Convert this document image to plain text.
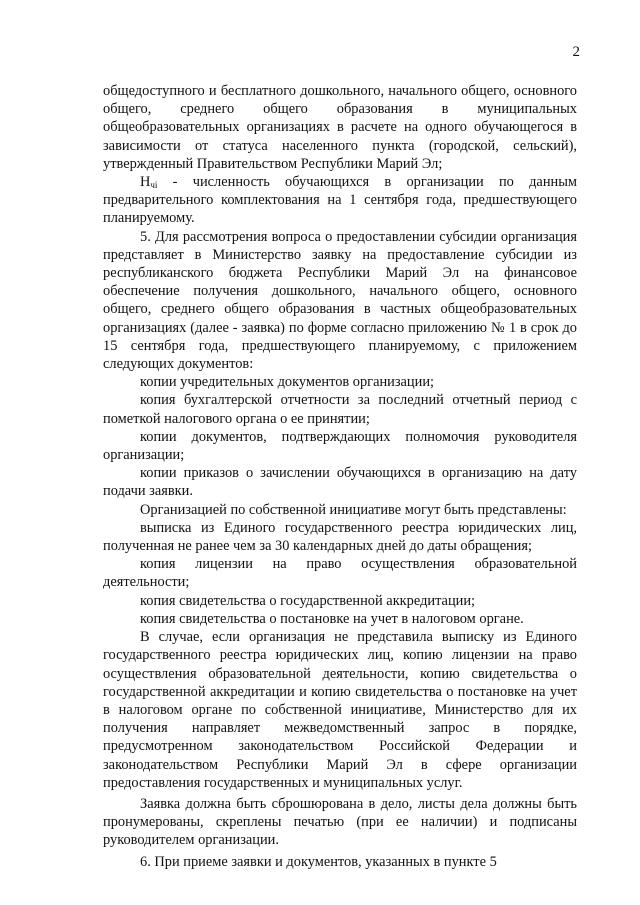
2

общедоступного и бесплатного дошкольного, начального общего, основного общего, среднего общего образования в муниципальных общеобразовательных организациях в расчете на одного обучающегося в зависимости от статуса населенного пункта (городской, сельский), утвержденный Правительством Республики Марий Эл;

$Н_{чi}$ - численность обучающихся в организации по данным предварительного комплектования на 1 сентября года, предшествующего планируемому.

5. Для рассмотрения вопроса о предоставлении субсидии организация представляет в Министерство заявку на предоставление субсидии из республиканского бюджета Республики Марий Эл на финансовое обеспечение получения дошкольного, начального общего, основного общего, среднего общего образования в частных общеобразовательных организациях (далее - заявка) по форме согласно приложению № 1 в срок до 15 сентября года, предшествующего планируемому, с приложением следующих документов:

копии учредительных документов организации;

копия бухгалтерской отчетности за последний отчетный период с пометкой налогового органа о ее принятии;

копии документов, подтверждающих полномочия руководителя организации;

копии приказов о зачислении обучающихся в организацию на дату подачи заявки.

Организацией по собственной инициативе могут быть представлены:

выписка из Единого государственного реестра юридических лиц, полученная не ранее чем за 30 календарных дней до даты обращения;

копия лицензии на право осуществления образовательной деятельности;

копия свидетельства о государственной аккредитации;

копия свидетельства о постановке на учет в налоговом органе.

В случае, если организация не представила выписку из Единого государственного реестра юридических лиц, копию лицензии на право осуществления образовательной деятельности, копию свидетельства о государственной аккредитации и копию свидетельства о постановке на учет в налоговом органе по собственной инициативе, Министерство для их получения направляет межведомственный запрос в порядке, предусмотренном законодательством Российской Федерации и законодательством Республики Марий Эл в сфере организации предоставления государственных и муниципальных услуг.

Заявка должна быть сброшюрована в дело, листы дела должны быть пронумерованы, скреплены печатью (при ее наличии) и подписаны руководителем организации.

6. При приеме заявки и документов, указанных в пункте 5
